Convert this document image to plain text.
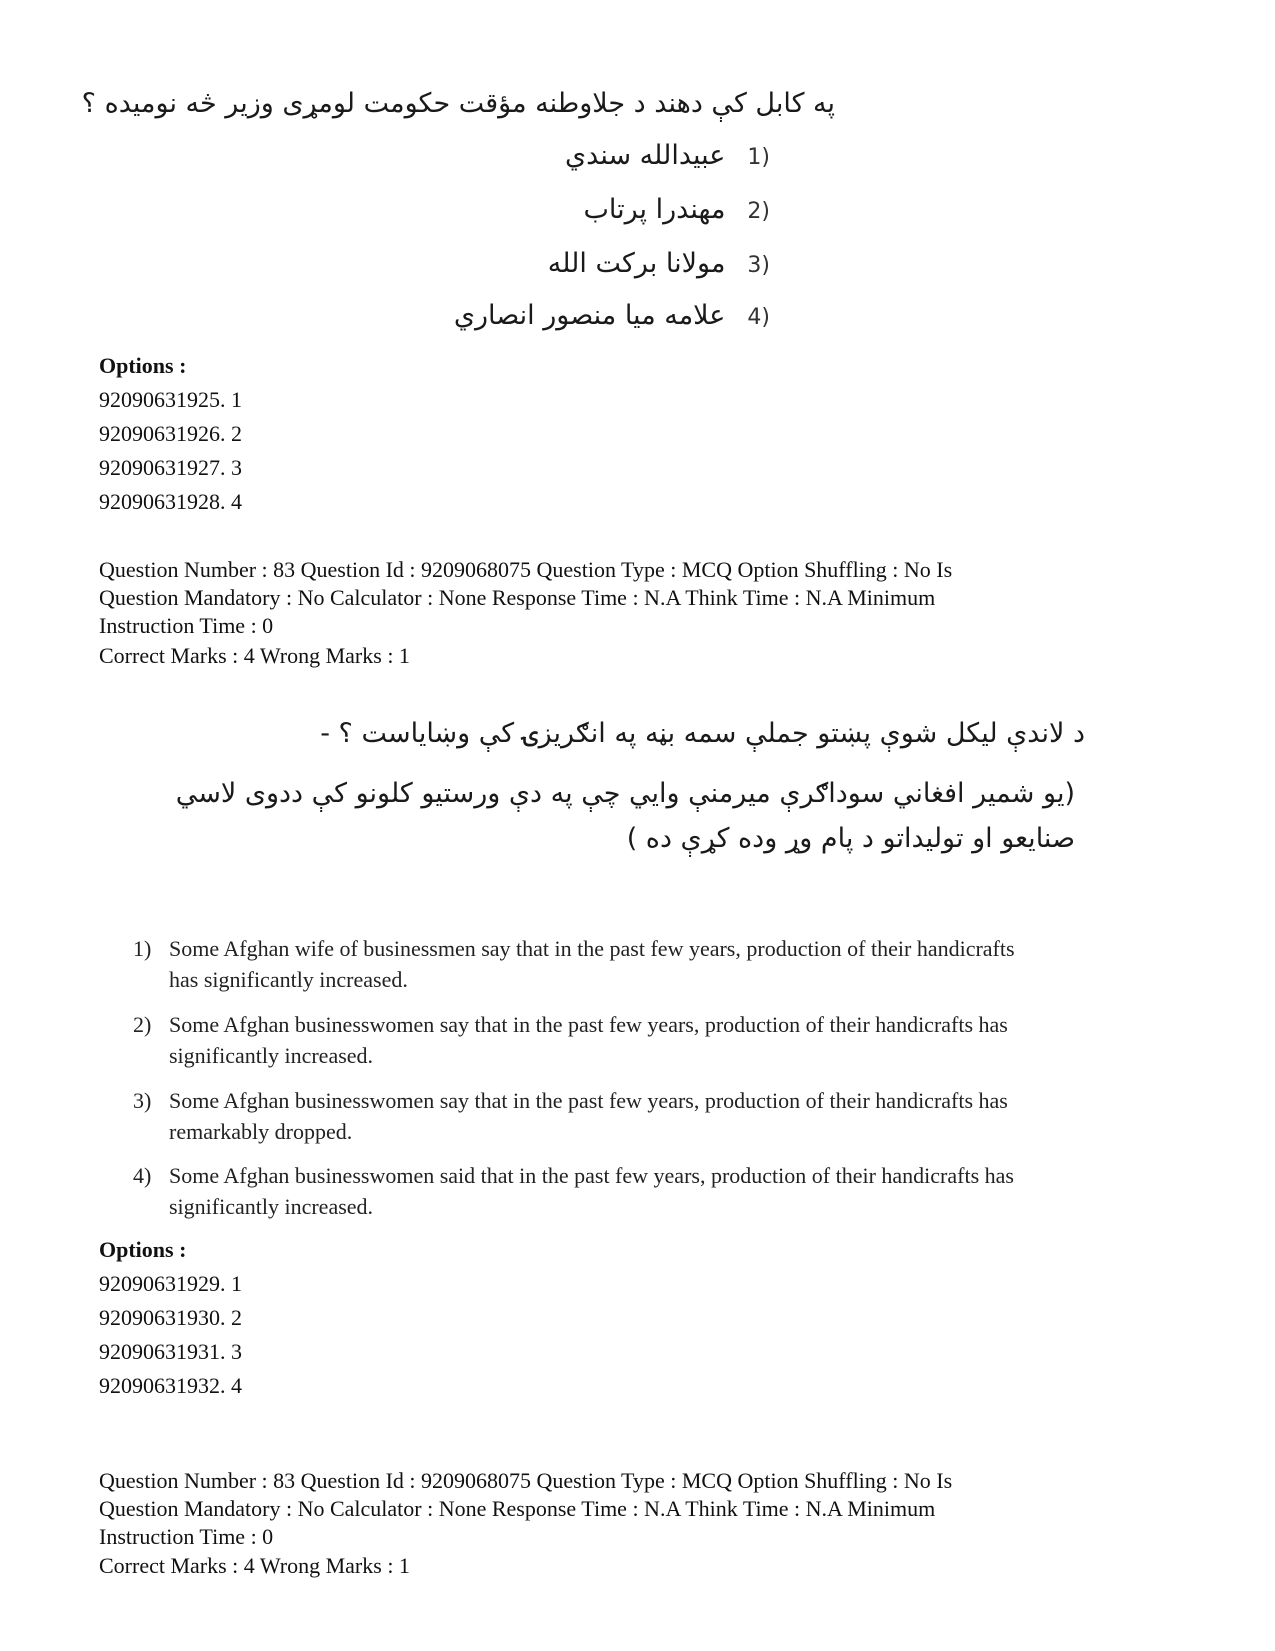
په کابل کې دهند د جلاوطنه مؤقت حکومت لومړی وزیر څه نومیده ؟
(1 عبیدالله سندي
(2 مهندرا پرتاب
(3 مولانا برکت الله
(4 علامه میا منصور انصاري
Options :
92090631925. 1
92090631926. 2
92090631927. 3
92090631928. 4
Question Number : 83 Question Id : 9209068075 Question Type : MCQ Option Shuffling : No Is
Question Mandatory : No Calculator : None Response Time : N.A Think Time : N.A Minimum
Instruction Time : 0
Correct Marks : 4 Wrong Marks : 1
د لاندې لیکل شوې پښتو جملې سمه بڼه په انګریزۍ کې وښایاست ؟ -
(یو شمیر افغاني سوداګرې میرمنې وایي چې په دې ورستیو کلونو کې ددوی لاسي
صنایعو او تولیداتو د پام وړ وده کړې ده )
1) Some Afghan wife of businessmen say that in the past few years, production of their handicrafts has significantly increased.
2) Some Afghan businesswomen say that in the past few years, production of their handicrafts has significantly increased.
3) Some Afghan businesswomen say that in the past few years, production of their handicrafts has remarkably dropped.
4) Some Afghan businesswomen said that in the past few years, production of their handicrafts has significantly increased.
Options :
92090631929. 1
92090631930. 2
92090631931. 3
92090631932. 4
Question Number : 83 Question Id : 9209068075 Question Type : MCQ Option Shuffling : No Is
Question Mandatory : No Calculator : None Response Time : N.A Think Time : N.A Minimum
Instruction Time : 0
Correct Marks : 4 Wrong Marks : 1
